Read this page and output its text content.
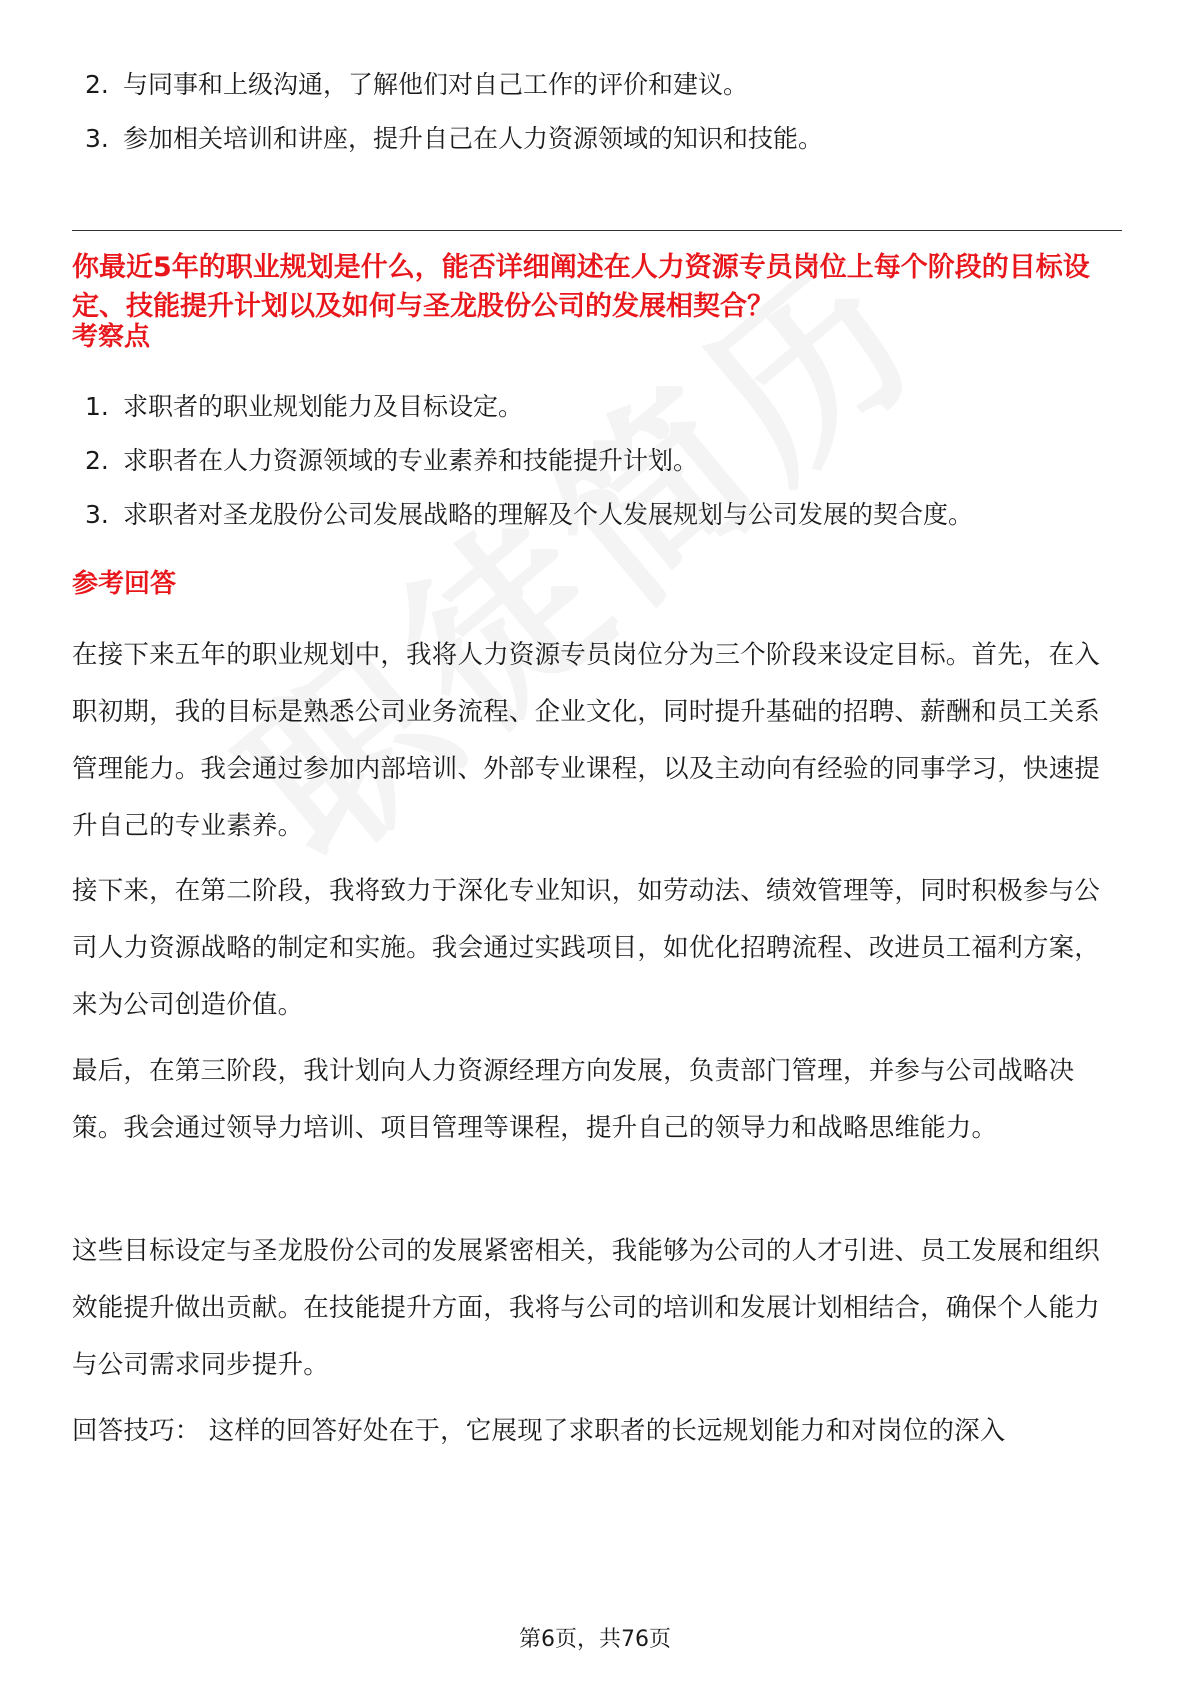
2. 与同事和上级沟通，了解他们对自己工作的评价和建议。
3. 参加相关培训和讲座，提升自己在人力资源领域的知识和技能。
你最近5年的职业规划是什么，能否详细阐述在人力资源专员岗位上每个阶段的目标设定、技能提升计划以及如何与圣龙股份公司的发展相契合？
考察点
1. 求职者的职业规划能力及目标设定。
2. 求职者在人力资源领域的专业素养和技能提升计划。
3. 求职者对圣龙股份公司发展战略的理解及个人发展规划与公司发展的契合度。
参考回答

在接下来五年的职业规划中，我将人力资源专员岗位分为三个阶段来设定目标。首先，在入职初期，我的目标是熟悉公司业务流程、企业文化，同时提升基础的招聘、薪酬和员工关系管理能力。我会通过参加内部培训、外部专业课程，以及主动向有经验的同事学习，快速提升自己的专业素养。

接下来，在第二阶段，我将致力于深化专业知识，如劳动法、绩效管理等，同时积极参与公司人力资源战略的制定和实施。我会通过实践项目，如优化招聘流程、改进员工福利方案，来为公司创造价值。

最后，在第三阶段，我计划向人力资源经理方向发展，负责部门管理，并参与公司战略决策。我会通过领导力培训、项目管理等课程，提升自己的领导力和战略思维能力。

这些目标设定与圣龙股份公司的发展紧密相关，我能够为公司的人才引进、员工发展和组织效能提升做出贡献。在技能提升方面，我将与公司的培训和发展计划相结合，确保个人能力与公司需求同步提升。

回答技巧： 这样的回答好处在于，它展现了求职者的长远规划能力和对岗位的深入

第6页，共76页
